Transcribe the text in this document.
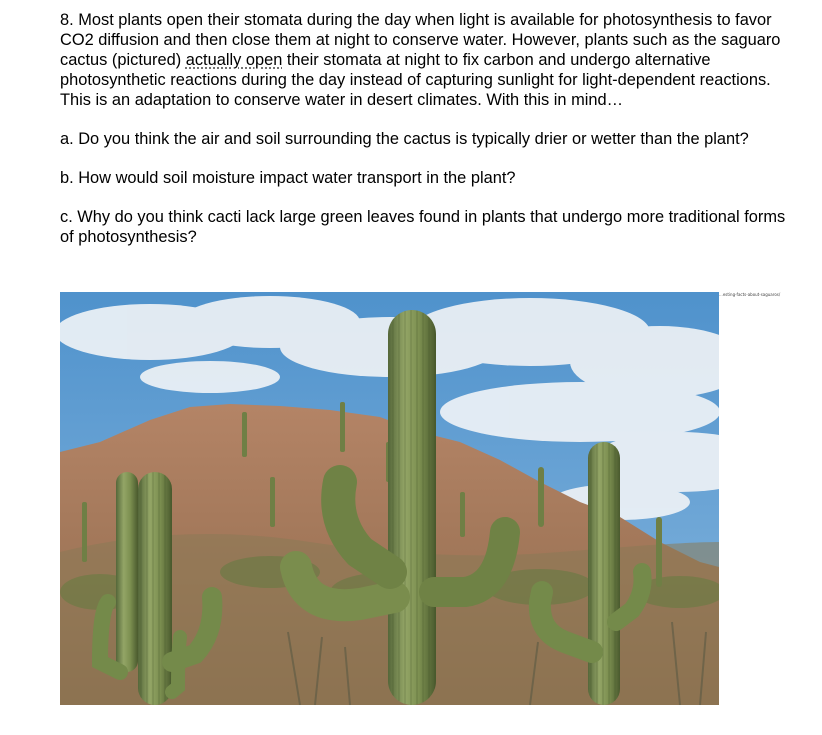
8. Most plants open their stomata during the day when light is available for photosynthesis to favor CO2 diffusion and then close them at night to conserve water. However, plants such as the saguaro cactus (pictured) actually open their stomata at night to fix carbon and undergo alternative photosynthetic reactions during the day instead of capturing sunlight for light-dependent reactions. This is an adaptation to conserve water in desert climates. With this in mind…

a. Do you think the air and soil surrounding the cactus is typically drier or wetter than the plant?

b. How would soil moisture impact water transport in the plant?

c. Why do you think cacti lack large green leaves found in plants that undergo more traditional forms of photosynthesis?

...esting-facts-about-saguaros/
